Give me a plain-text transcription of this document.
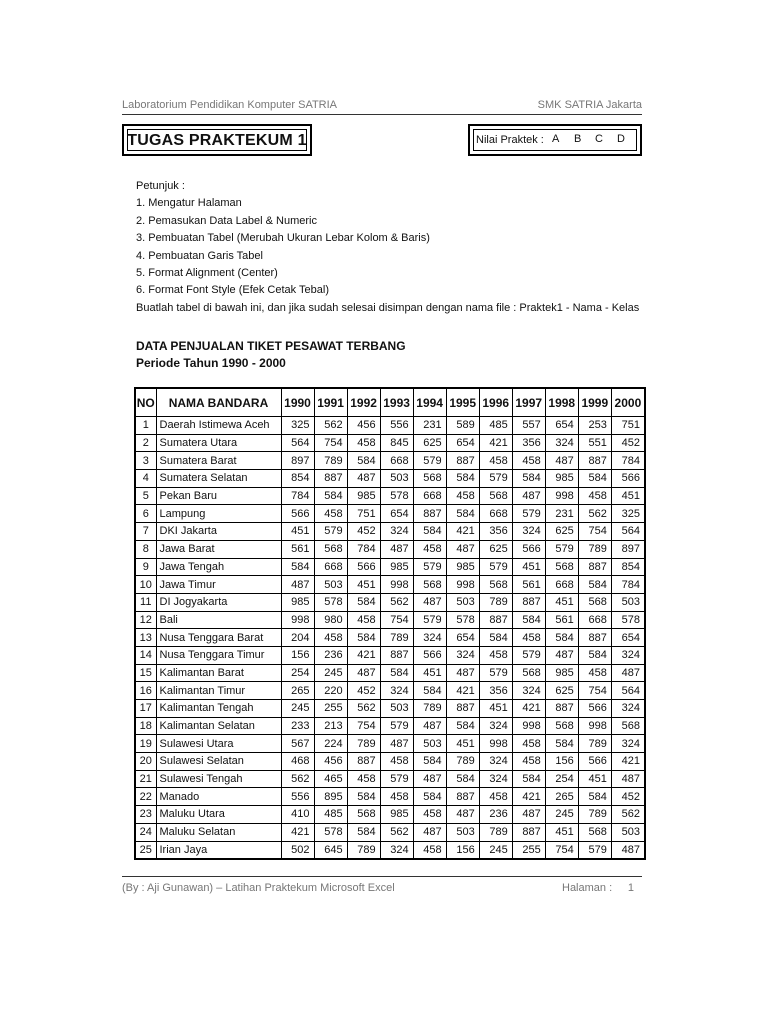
Laboratorium Pendidikan Komputer SATRIA	SMK SATRIA Jakarta
TUGAS PRAKTEKUM 1	Nilai Praktek : A B C D
Petunjuk :
1. Mengatur Halaman
2. Pemasukan Data Label & Numeric
3. Pembuatan Tabel (Merubah Ukuran Lebar Kolom & Baris)
4. Pembuatan Garis Tabel
5. Format Alignment (Center)
6. Format Font Style (Efek Cetak Tebal)
Buatlah tabel di bawah ini, dan jika sudah selesai disimpan dengan nama file : Praktek1 - Nama - Kelas
DATA PENJUALAN TIKET PESAWAT TERBANG
Periode Tahun 1990 - 2000
NO	NAMA BANDARA	1990	1991	1992	1993	1994	1995	1996	1997	1998	1999	2000
1	Daerah Istimewa Aceh	325	562	456	556	231	589	485	557	654	253	751
2	Sumatera Utara	564	754	458	845	625	654	421	356	324	551	452
3	Sumatera Barat	897	789	584	668	579	887	458	458	487	887	784
4	Sumatera Selatan	854	887	487	503	568	584	579	584	985	584	566
5	Pekan Baru	784	584	985	578	668	458	568	487	998	458	451
6	Lampung	566	458	751	654	887	584	668	579	231	562	325
7	DKI Jakarta	451	579	452	324	584	421	356	324	625	754	564
8	Jawa Barat	561	568	784	487	458	487	625	566	579	789	897
9	Jawa Tengah	584	668	566	985	579	985	579	451	568	887	854
10	Jawa Timur	487	503	451	998	568	998	568	561	668	584	784
11	DI Jogyakarta	985	578	584	562	487	503	789	887	451	568	503
12	Bali	998	980	458	754	579	578	887	584	561	668	578
13	Nusa Tenggara Barat	204	458	584	789	324	654	584	458	584	887	654
14	Nusa Tenggara Timur	156	236	421	887	566	324	458	579	487	584	324
15	Kalimantan Barat	254	245	487	584	451	487	579	568	985	458	487
16	Kalimantan Timur	265	220	452	324	584	421	356	324	625	754	564
17	Kalimantan Tengah	245	255	562	503	789	887	451	421	887	566	324
18	Kalimantan Selatan	233	213	754	579	487	584	324	998	568	998	568
19	Sulawesi Utara	567	224	789	487	503	451	998	458	584	789	324
20	Sulawesi Selatan	468	456	887	458	584	789	324	458	156	566	421
21	Sulawesi Tengah	562	465	458	579	487	584	324	584	254	451	487
22	Manado	556	895	584	458	584	887	458	421	265	584	452
23	Maluku Utara	410	485	568	985	458	487	236	487	245	789	562
24	Maluku Selatan	421	578	584	562	487	503	789	887	451	568	503
25	Irian Jaya	502	645	789	324	458	156	245	255	754	579	487
(By : Aji Gunawan) – Latihan Praktekum Microsoft Excel	Halaman : 1
